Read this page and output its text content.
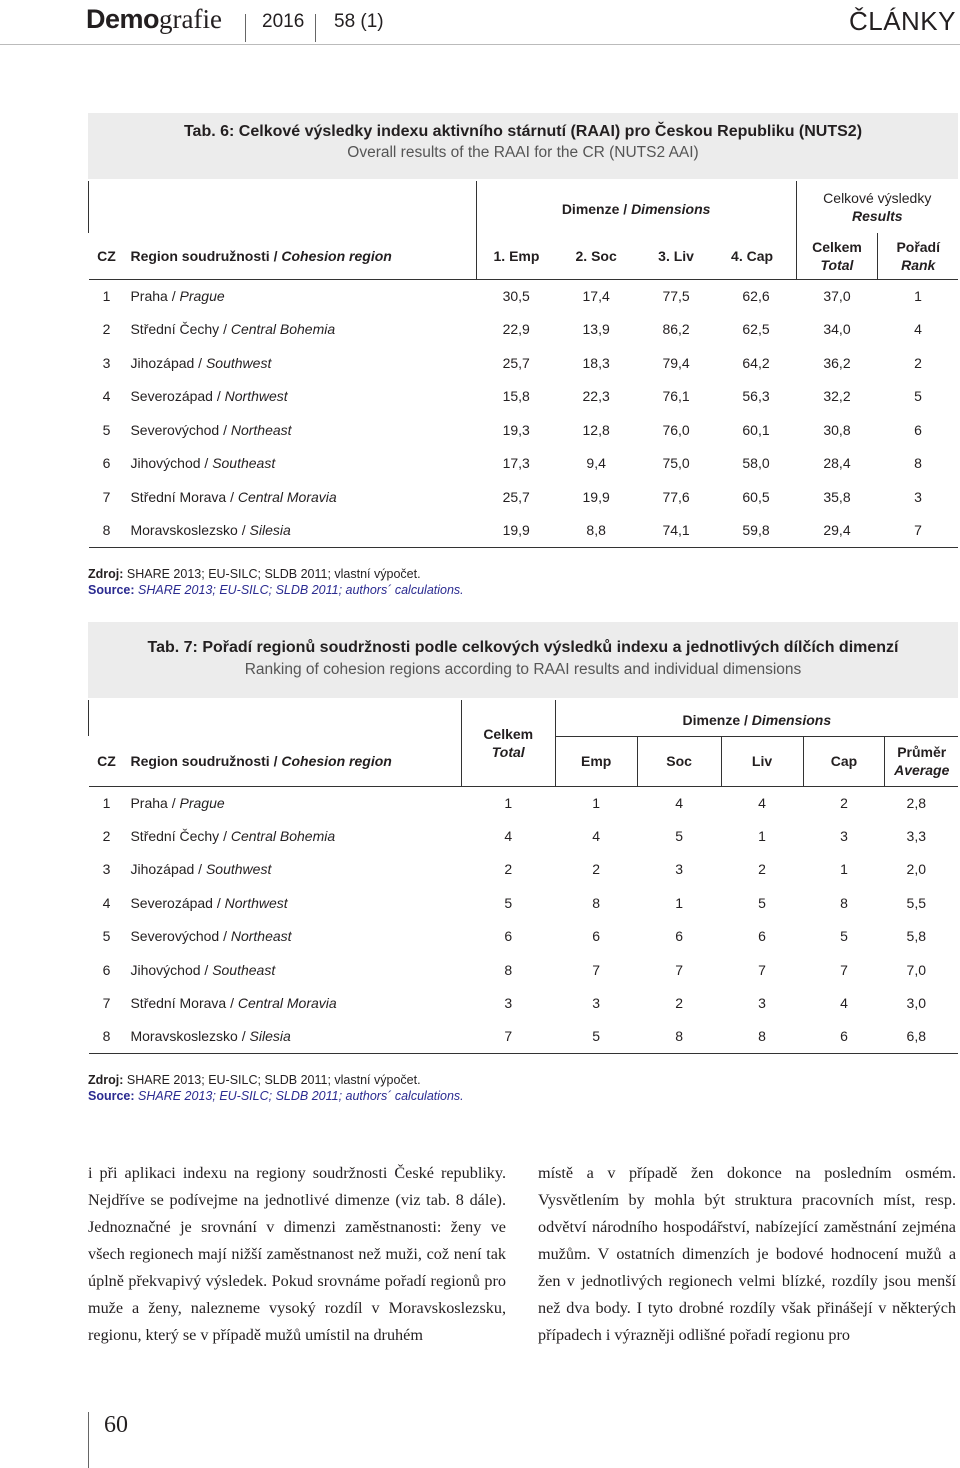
Demografie 2016 58 (1)	ČLÁNKY
Tab. 6: Celkové výsledky indexu aktivního stárnutí (RAAI) pro Českou Republiku (NUTS2)
Overall results of the RAAI for the CR (NUTS2 AAI)
		Dimenze / Dimensions				Celkové výsledky
Results	
CZ	Region soudružnosti / Cohesion region	1. Emp	2. Soc	3. Liv	4. Cap	Celkem
Total	Pořadí
Rank
1	Praha / Prague	30,5	17,4	77,5	62,6	37,0	1
2	Střední Čechy / Central Bohemia	22,9	13,9	86,2	62,5	34,0	4
3	Jihozápad / Southwest	25,7	18,3	79,4	64,2	36,2	2
4	Severozápad / Northwest	15,8	22,3	76,1	56,3	32,2	5
5	Severovýchod / Northeast	19,3	12,8	76,0	60,1	30,8	6
6	Jihovýchod / Southeast	17,3	9,4	75,0	58,0	28,4	8
7	Střední Morava / Central Moravia	25,7	19,9	77,6	60,5	35,8	3
8	Moravskoslezsko / Silesia	19,9	8,8	74,1	59,8	29,4	7
Zdroj: SHARE 2013; EU-SILC; SLDB 2011; vlastní výpočet.
Source: SHARE 2013; EU-SILC; SLDB 2011; authors´ calculations.
Tab. 7: Pořadí regionů soudržnosti podle celkových výsledků indexu a jednotlivých dílčích dimenzí
Ranking of cohesion regions according to RAAI results and individual dimensions
		Celkem
Total	Dimenze / Dimensions				
CZ	Region soudružnosti / Cohesion region		Emp	Soc	Liv	Cap	Průměr
Average
1	Praha / Prague	1	1	4	4	2	2,8
2	Střední Čechy / Central Bohemia	4	4	5	1	3	3,3
3	Jihozápad / Southwest	2	2	3	2	1	2,0
4	Severozápad / Northwest	5	8	1	5	8	5,5
5	Severovýchod / Northeast	6	6	6	6	5	5,8
6	Jihovýchod / Southeast	8	7	7	7	7	7,0
7	Střední Morava / Central Moravia	3	3	2	3	4	3,0
8	Moravskoslezsko / Silesia	7	5	8	8	6	6,8
Zdroj: SHARE 2013; EU-SILC; SLDB 2011; vlastní výpočet.
Source: SHARE 2013; EU-SILC; SLDB 2011; authors´ calculations.
i při aplikaci indexu na regiony soudržnosti České republiky. Nejdříve se podívejme na jednotlivé dimenze (viz tab. 8 dále). Jednoznačné je srovnání v dimenzi zaměstnanosti: ženy ve všech regionech mají nižší zaměstnanost než muži, což není tak úplně překvapivý výsledek. Pokud srovnáme pořadí regionů pro muže a ženy, nalezneme vysoký rozdíl v Moravskoslezsku, regionu, který se v případě mužů umístil na druhém
místě a v případě žen dokonce na posledním osmém. Vysvětlením by mohla být struktura pracovních míst, resp. odvětví národního hospodářství, nabízející zaměstnání zejména mužům. V ostatních dimenzích je bodové hodnocení mužů a žen v jednotlivých regionech velmi blízké, rozdíly jsou menší než dva body. I tyto drobné rozdíly však přinášejí v některých případech i výrazněji odlišné pořadí regionu pro
60
